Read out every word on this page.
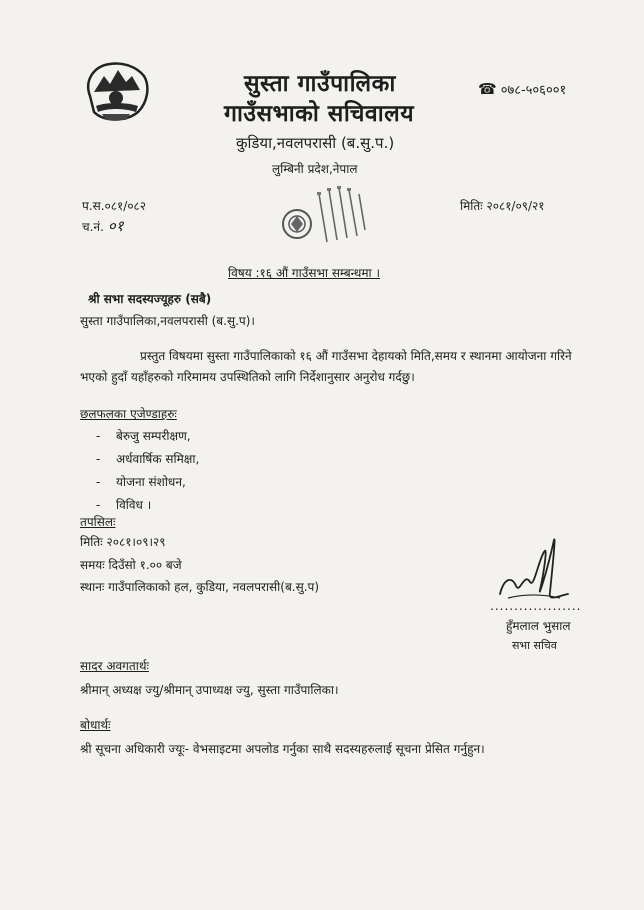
सुस्ता गाउँपालिका
गाउँसभाको सचिवालय
☎ ०७८-५०६००१
कुडिया,नवलपरासी (ब.सु.प.)
लुम्बिनी प्रदेश,नेपाल
प.स.०८१/०८२
च.नं. ०१
मितिः २०८१/०९/२१
विषय :१६ औं गाउँसभा सम्बन्धमा ।
श्री सभा सदस्यज्यूहरु (सबै)
सुस्ता गाउँपालिका,नवलपरासी (ब.सु.प)।
प्रस्तुत विषयमा सुस्ता गाउँपालिकाको १६ औं गाउँसभा देहायको मिति,समय र स्थानमा आयोजना गरिने भएको हुदाँ यहाँहरुको गरिमामय उपस्थितिको लागि निर्देशानुसार अनुरोध गर्दछु।
छलफलका एजेण्डाहरुः
- बेरुजु सम्परीक्षण,
- अर्धवार्षिक समिक्षा,
- योजना संशोधन,
- विविध ।
तपसिलः
मितिः २०८१।०९।२९
समयः दिउँसो १.०० बजे
स्थानः गाउँपालिकाको हल, कुडिया, नवलपरासी(ब.सु.प)
...................
हुँमलाल भुसाल
सभा सचिव
सादर अवगतार्थः
श्रीमान् अध्यक्ष ज्यु/श्रीमान् उपाध्यक्ष ज्यु, सुस्ता गाउँपालिका।
बोधार्थः
श्री सूचना अधिकारी ज्यूः- वेभसाइटमा अपलोड गर्नुका साथै सदस्यहरुलाई सूचना प्रेसित गर्नुहुन।
